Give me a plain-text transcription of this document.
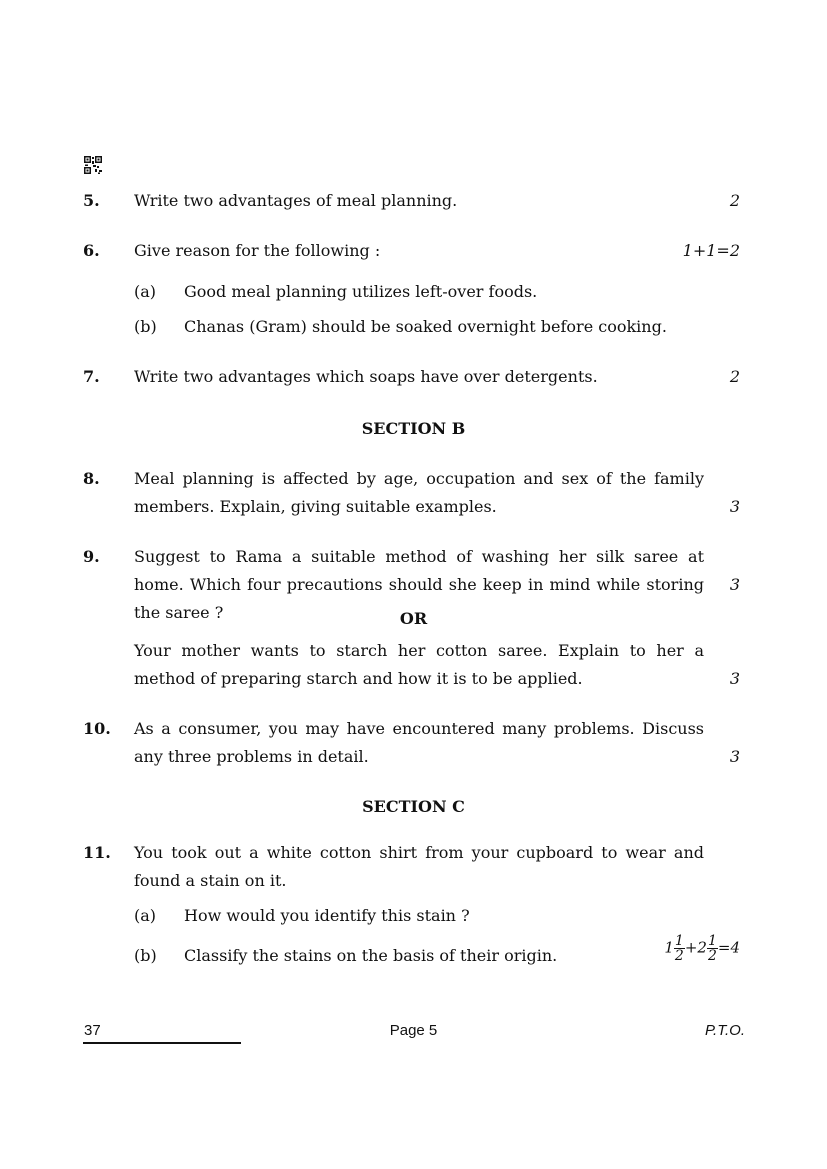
5. Write two advantages of meal planning.	2
6. Give reason for the following :	1+1=2
(a) Good meal planning utilizes left-over foods.
(b) Chanas (Gram) should be soaked overnight before cooking.
7. Write two advantages which soaps have over detergents.	2
SECTION B
8. Meal planning is affected by age, occupation and sex of the family members. Explain, giving suitable examples.	3
9. Suggest to Rama a suitable method of washing her silk saree at home. Which four precautions should she keep in mind while storing the saree ?
3
OR
Your mother wants to starch her cotton saree. Explain to her a method of preparing starch and how it is to be applied.	3
10. As a consumer, you may have encountered many problems. Discuss any three problems in detail.	3
SECTION C
11. You took out a white cotton shirt from your cupboard to wear and found a stain on it.
(a) How would you identify this stain ?
(b) Classify the stains on the basis of their origin.	$1 \frac{1}{2} +2 \frac{1}{2} =4$
37	Page 5	P.T.O.
